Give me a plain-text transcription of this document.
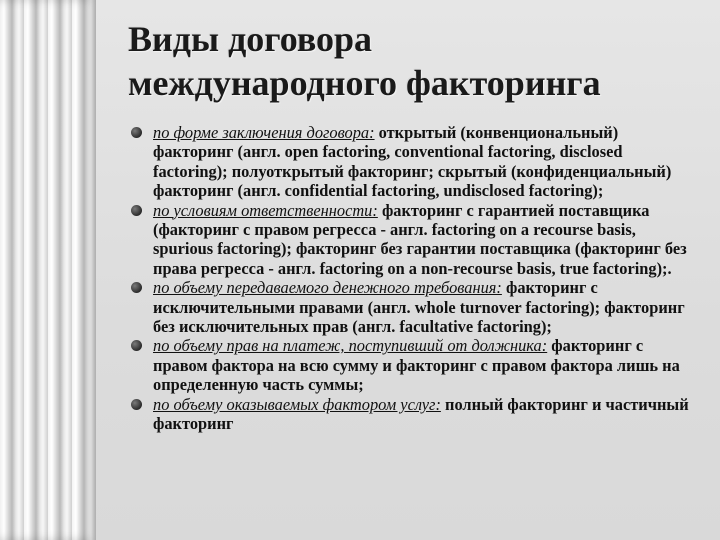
Виды договора
международного факторинга
по форме заключения договора: открытый (конвенциональный) факторинг (англ. open factoring, conventional factoring, disclosed factoring); полуоткрытый факторинг; скрытый (конфиденциальный) факторинг (англ. confidential factoring, undisclosed factoring);
по условиям ответственности: факторинг с гарантией поставщика (факторинг с правом регресса - англ. factoring on a recourse basis, spurious factoring); факторинг без гарантии поставщика (факторинг без права регресса - англ. factoring on a non-recourse basis, true factoring);.
по объему передаваемого денежного требования: факторинг с исключительными правами (англ. whole turnover factoring); факторинг без исключительных прав (англ. facultative factoring);
по объему прав на платеж, поступивший от должника: факторинг с правом фактора на всю сумму и факторинг с правом фактора лишь на определенную часть суммы;
по объему оказываемых фактором услуг: полный факторинг и частичный факторинг
